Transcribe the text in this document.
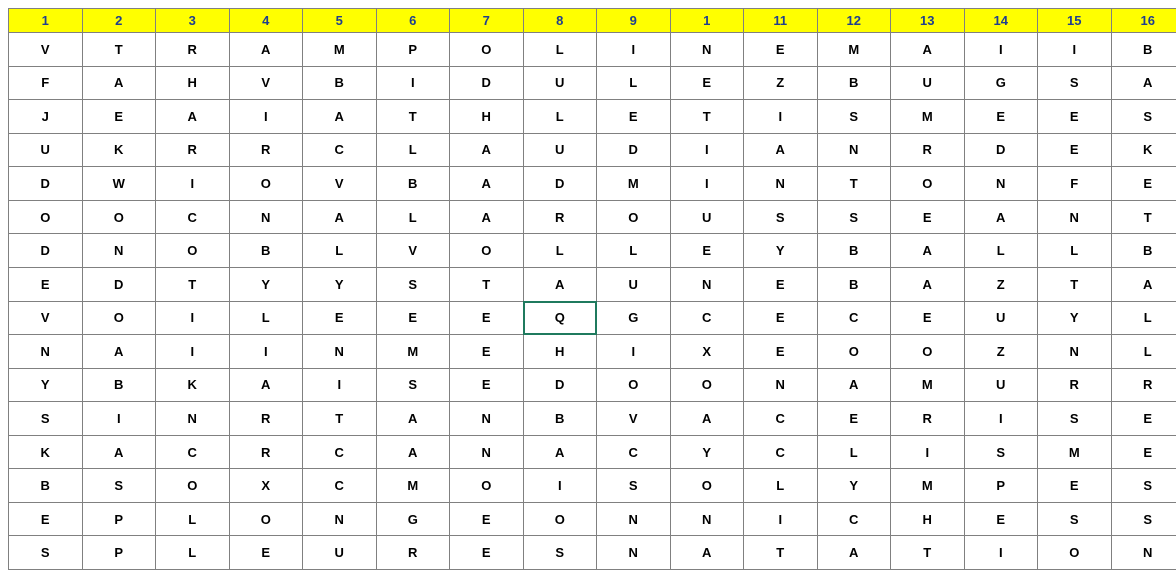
1	2	3	4	5	6	7	8	9	1	11	12	13	14	15	16
V	T	R	A	M	P	O	L	I	N	E	M	A	I	I	B
F	A	H	V	B	I	D	U	L	E	Z	B	U	G	S	A
J	E	A	I	A	T	H	L	E	T	I	S	M	E	E	S
U	K	R	R	C	L	A	U	D	I	A	N	R	D	E	K
D	W	I	O	V	B	A	D	M	I	N	T	O	N	F	E
O	O	C	N	A	L	A	R	O	U	S	S	E	A	N	T
D	N	O	B	L	V	O	L	L	E	Y	B	A	L	L	B
E	D	T	Y	Y	S	T	A	U	N	E	B	A	Z	T	A
V	O	I	L	E	E	E	Q	G	C	E	C	E	U	Y	L
N	A	I	I	N	M	E	H	I	X	E	O	O	Z	N	L
Y	B	K	A	I	S	E	D	O	O	N	A	M	U	R	R
S	I	N	R	T	A	N	B	V	A	C	E	R	I	S	E
K	A	C	R	C	A	N	A	C	Y	C	L	I	S	M	E
B	S	O	X	C	M	O	I	S	O	L	Y	M	P	E	S
E	P	L	O	N	G	E	O	N	N	I	C	H	E	S	S
S	P	L	E	U	R	E	S	N	A	T	A	T	I	O	N
